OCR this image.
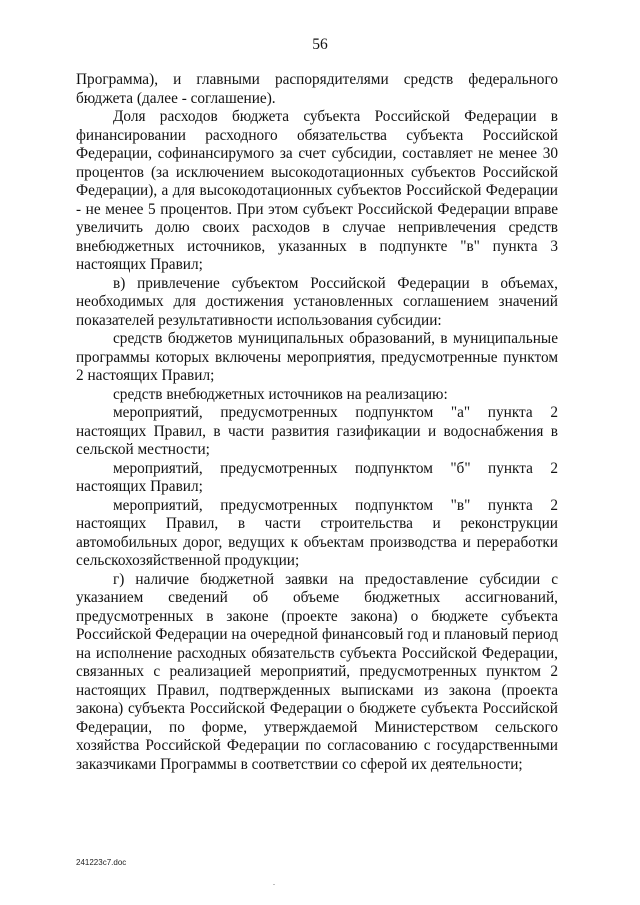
56

Программа), и главными распорядителями средств федерального бюджета (далее - соглашение).

Доля расходов бюджета субъекта Российской Федерации в финансировании расходного обязательства субъекта Российской Федерации, софинансирумого за счет субсидии, составляет не менее 30 процентов (за исключением высокодотационных субъектов Российской Федерации), а для высокодотационных субъектов Российской Федерации - не менее 5 процентов. При этом субъект Российской Федерации вправе увеличить долю своих расходов в случае непривлечения средств внебюджетных источников, указанных в подпункте "в" пункта 3 настоящих Правил;

в) привлечение субъектом Российской Федерации в объемах, необходимых для достижения установленных соглашением значений показателей результативности использования субсидии:

средств бюджетов муниципальных образований, в муниципальные программы которых включены мероприятия, предусмотренные пунктом 2 настоящих Правил;

средств внебюджетных источников на реализацию:

мероприятий, предусмотренных подпунктом "а" пункта 2 настоящих Правил, в части развития газификации и водоснабжения в сельской местности;

мероприятий, предусмотренных подпунктом "б" пункта 2 настоящих Правил;

мероприятий, предусмотренных подпунктом "в" пункта 2 настоящих Правил, в части строительства и реконструкции автомобильных дорог, ведущих к объектам производства и переработки сельскохозяйственной продукции;

г) наличие бюджетной заявки на предоставление субсидии с указанием сведений об объеме бюджетных ассигнований, предусмотренных в законе (проекте закона) о бюджете субъекта Российской Федерации на очередной финансовый год и плановый период на исполнение расходных обязательств субъекта Российской Федерации, связанных с реализацией мероприятий, предусмотренных пунктом 2 настоящих Правил, подтвержденных выписками из закона (проекта закона) субъекта Российской Федерации о бюджете субъекта Российской Федерации, по форме, утверждаемой Министерством сельского хозяйства Российской Федерации по согласованию с государственными заказчиками Программы в соответствии со сферой их деятельности;

241223c7.doc
.
